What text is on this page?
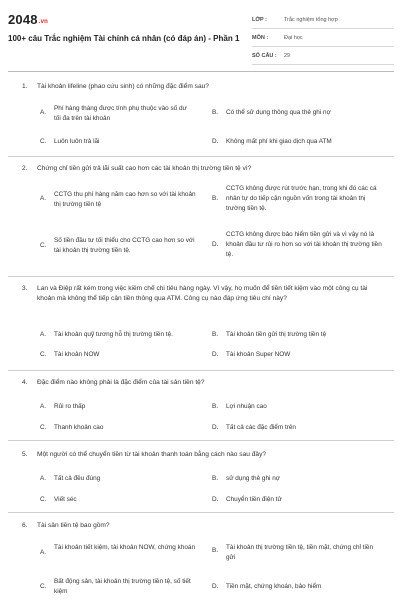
2048.vn
100+ câu Trắc nghiệm Tài chính cá nhân (có đáp án) - Phần 1
LỚP :	Trắc nghiệm tổng hợp
MÔN :	Đại học
SỐ CÂU : 29
1. Tài khoản lifeline (phao cứu sinh) có những đặc điểm sau?
A.
Phí hàng tháng được tính phụ thuộc vào số dư tối đa trên tài khoản
B. Có thể sử dụng thông qua thẻ ghi nợ
C. Luôn luôn trả lãi	D. Không mất phí khi giao dịch qua ATM
2. Chứng chỉ tiền gửi trả lãi suất cao hơn các tài khoản thị trường tiền tệ vì?
A.
CCTG thu phí hàng năm cao hơn so với tài khoản thị trường tiền tệ
B.
CCTG không được rút trước hạn, trong khi đó các cá nhân tự do tiếp cận nguồn vốn trong tài khoản thị trường tiền tệ.
C.
Số tiền đầu tư tối thiểu cho CCTG cao hơn so với tài khoản thị trường tiền tệ.
D.
CCTG không được bảo hiểm tiền gửi và vì vậy nó là khoản đầu tư rủi ro hơn so với tài khoản thị trường tiền tệ.
3. Lan và Điệp rất kém trong việc kiềm chế chi tiêu hàng ngày. Vì vậy, họ muốn để tiền tiết kiệm vào một công cụ tài khoản mà không thể tiếp cận tiền thông qua ATM. Công cụ nào đáp ứng tiêu chí này?
A. Tài khoản quỹ tương hỗ thị trường tiền tệ.	B. Tài khoản tiền gửi thị trường tiền tệ
C. Tài khoản NOW	D. Tài khoản Super NOW
4. Đặc điểm nào không phải là đặc điểm của tài sản tiền tệ?
A. Rủi ro thấp	B. Lợi nhuận cao
C. Thanh khoản cao	D. Tất cả các đặc điểm trên
5. Một người có thể chuyển tiền từ tài khoản thanh toán bằng cách nào sau đây?
A. Tất cả đều đúng	B. sử dụng thẻ ghi nợ
C. Viết séc	D. Chuyển tiền điện tử
6. Tài sản tiền tệ bao gồm?
A.
Tài khoản tiết kiệm, tài khoản NOW, chứng khoán	B. Tài khoản thị trường tiền tệ, tiền mặt, chứng chỉ tiền gửi
C.
Bất động sản, tài khoản thị trường tiền tệ, số tiết kiệm
D. Tiền mặt, chứng khoán, bảo hiểm
